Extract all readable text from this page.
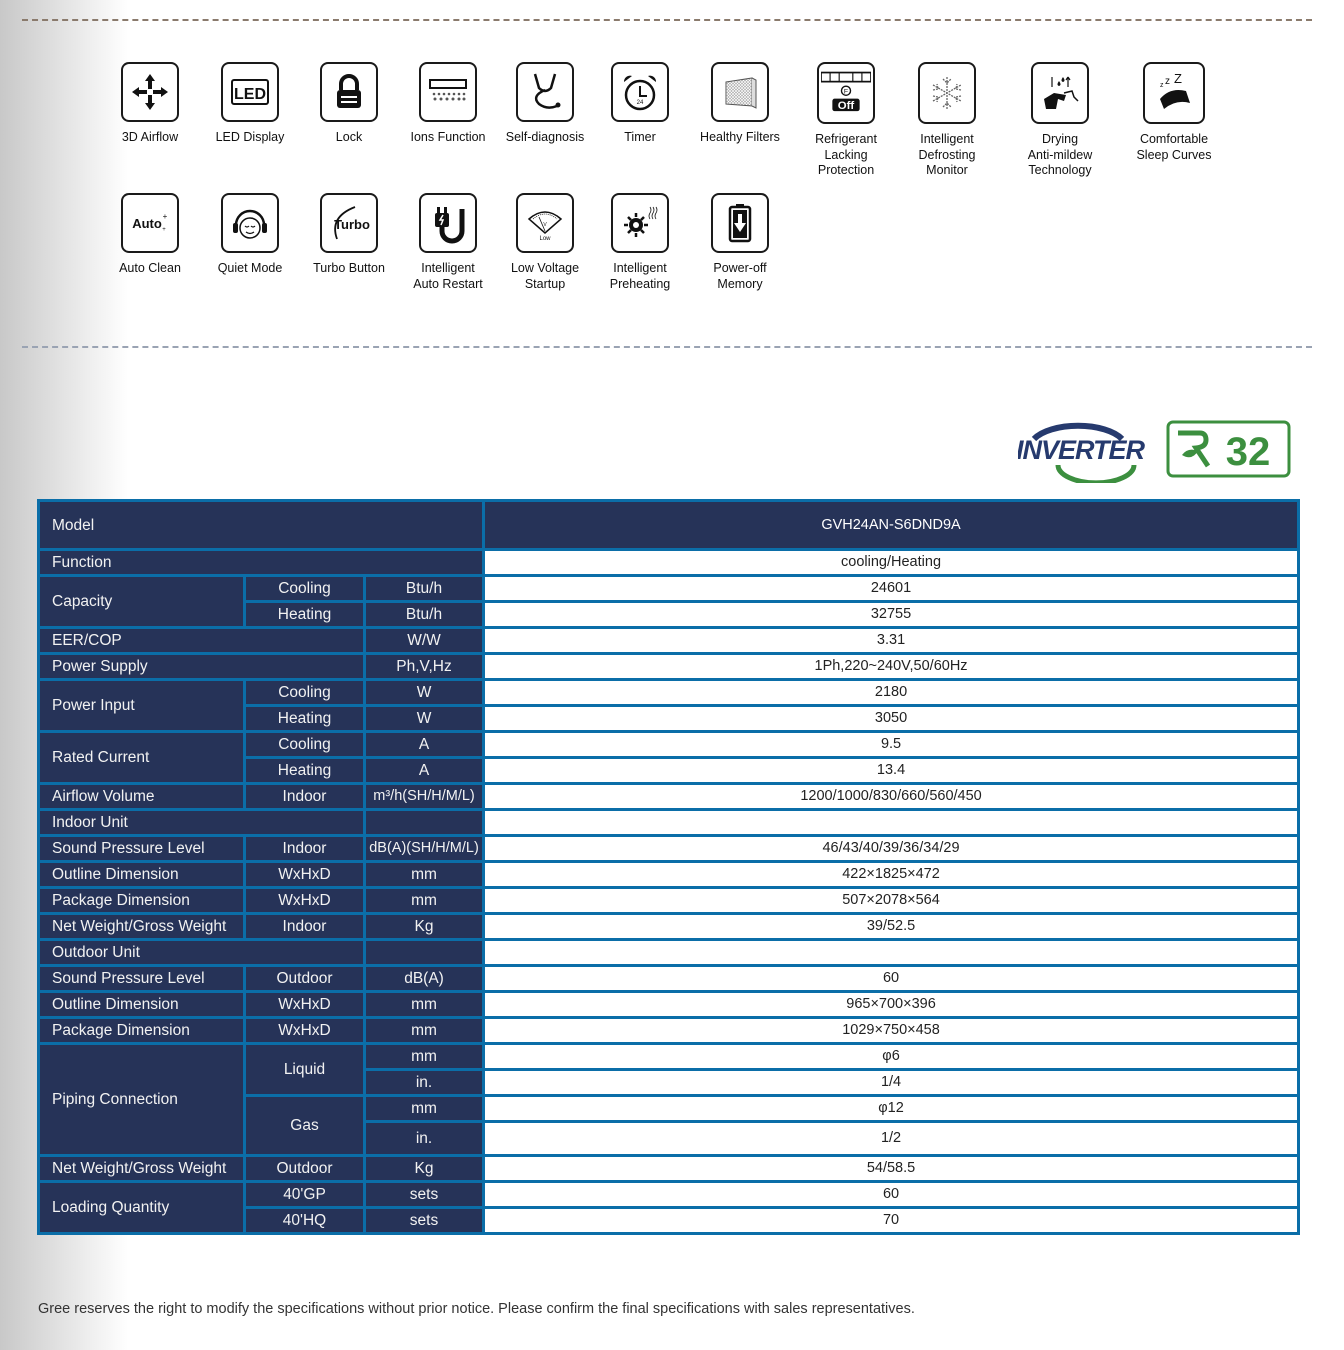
3D Airflow
LED
LED Display	Lock	Ions Function	Self-diagnosis
24
Timer	Healthy Filters
F
Off
Refrigerant
Lacking
Protection
Intelligent
Defrosting
Monitor
Drying
Anti-mildew
Technology
z z Z
Comfortable
Sleep Curves
Auto +
+
Auto Clean	Quiet Mode
Turbo
Turbo Button	Intelligent
Auto Restart
V
Low
Low Voltage
Startup
Intelligent
Preheating
Power-off
Memory
INVERTER 32
Model			GVH24AN-S6DND9A
Function			cooling/Heating
Capacity	Cooling	Btu/h	24601
	Heating	Btu/h	32755
EER/COP		W/W	3.31
Power Supply		Ph,V,Hz	1Ph,220~240V,50/60Hz
Power Input	Cooling	W	2180
	Heating	W	3050
Rated Current	Cooling	A	9.5
	Heating	A	13.4
Airflow Volume	Indoor	m³/h(SH/H/M/L)	1200/1000/830/660/560/450
Indoor Unit			
Sound Pressure Level	Indoor	dB(A)(SH/H/M/L)	46/43/40/39/36/34/29
Outline Dimension	WxHxD	mm	422×1825×472
Package Dimension	WxHxD	mm	507×2078×564
Net Weight/Gross Weight	Indoor	Kg	39/52.5
Outdoor Unit			
Sound Pressure Level	Outdoor	dB(A)	60
Outline Dimension	WxHxD	mm	965×700×396
Package Dimension	WxHxD	mm	1029×750×458
Piping Connection	Liquid	mm	φ6
		in.	1/4
	Gas	mm	φ12
		in.	1/2
Net Weight/Gross Weight	Outdoor	Kg	54/58.5
Loading Quantity	40'GP	sets	60
	40'HQ	sets	70
Gree reserves the right to modify the specifications without prior notice. Please confirm the final specifications with sales representatives.
